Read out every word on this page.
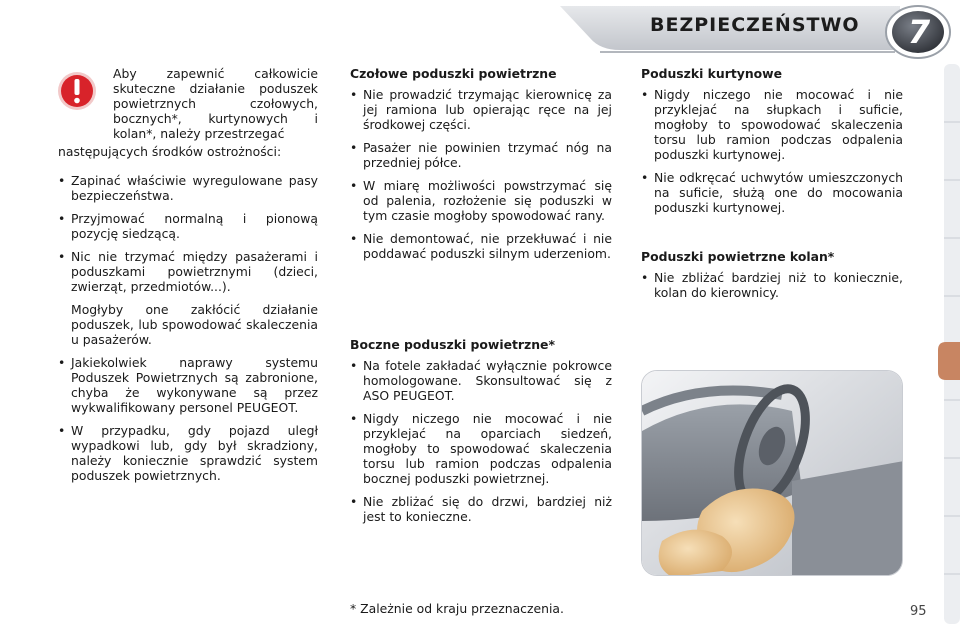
BEZPIECZEŃSTWO	7

Aby zapewnić całkowicie skuteczne działanie poduszek powietrznych czołowych, bocznych*, kurtynowych i kolan*, należy przestrzegać

następujących środków ostrożności:

• Zapinać właściwie wyregulowane pasy bezpieczeństwa.
• Przyjmować normalną i pionową pozycję siedzącą.
• Nic nie trzymać między pasażerami i poduszkami powietrznymi (dzieci, zwierząt, przedmiotów...).
Mogłyby one zakłócić działanie poduszek, lub spowodować skaleczenia u pasażerów.
• Jakiekolwiek naprawy systemu Poduszek Powietrznych są zabronione, chyba że wykonywane są przez wykwalifikowany personel PEUGEOT.
• W przypadku, gdy pojazd uległ wypadkowi lub, gdy był skradziony, należy koniecznie sprawdzić system poduszek powietrznych.
Czołowe poduszki powietrzne
• Nie prowadzić trzymając kierownicę za jej ramiona lub opierając ręce na jej środkowej części.
• Pasażer nie powinien trzymać nóg na przedniej półce.
• W miarę możliwości powstrzymać się od palenia, rozłożenie się poduszki w tym czasie mogłoby spowodować rany.
• Nie demontować, nie przekłuwać i nie poddawać poduszki silnym uderzeniom.
Boczne poduszki powietrzne*
• Na fotele zakładać wyłącznie pokrowce homologowane. Skonsultować się z ASO PEUGEOT.
• Nigdy niczego nie mocować i nie przyklejać na oparciach siedzeń, mogłoby to spowodować skaleczenia torsu lub ramion podczas odpalenia bocznej poduszki powietrznej.
• Nie zbliżać się do drzwi, bardziej niż jest to konieczne.
Poduszki kurtynowe
• Nigdy niczego nie mocować i nie przyklejać na słupkach i suficie, mogłoby to spowodować skaleczenia torsu lub ramion podczas odpalenia poduszki kurtynowej.
• Nie odkręcać uchwytów umieszczonych na suficie, służą one do mocowania poduszki kurtynowej.
Poduszki powietrzne kolan*
• Nie zbliżać bardziej niż to koniecznie, kolan do kierownicy.
* Zależnie od kraju przeznaczenia.	95
